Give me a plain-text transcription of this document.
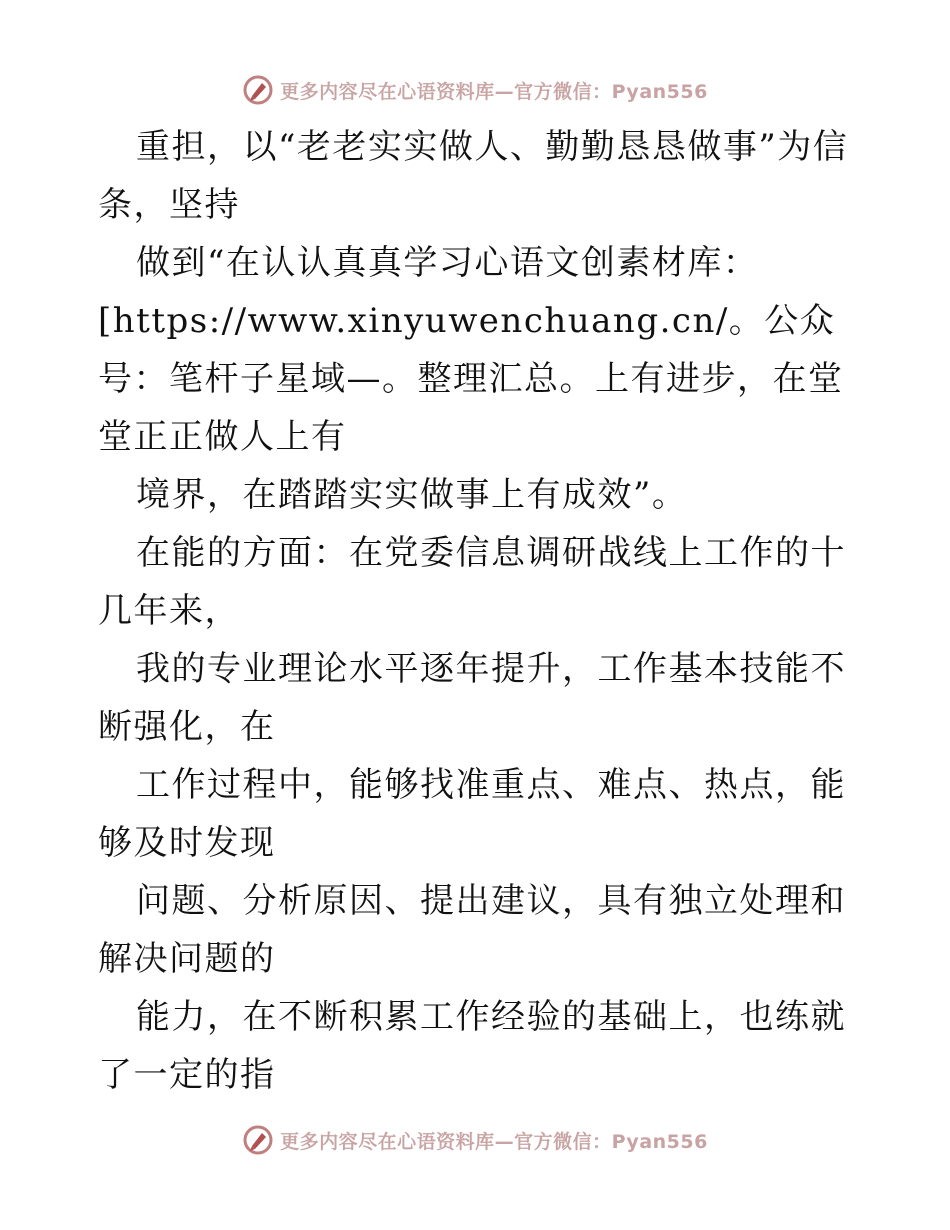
更多内容尽在心语资料库—官方微信：Pyan556

重担，以“老老实实做人、勤勤恳恳做事”为信条，坚持

做到“在认认真真学习心语文创素材库：

[https://www.xinyuwenchuang.cn/。公众号：笔杆子星域—。整理汇总。上有进步，在堂堂正正做人上有

境界，在踏踏实实做事上有成效”。

在能的方面：在党委信息调研战线上工作的十几年来，

我的专业理论水平逐年提升，工作基本技能不断强化，在

工作过程中，能够找准重点、难点、热点，能够及时发现

问题、分析原因、提出建议，具有独立处理和解决问题的

能力，在不断积累工作经验的基础上，也练就了一定的指

更多内容尽在心语资料库—官方微信：Pyan556
